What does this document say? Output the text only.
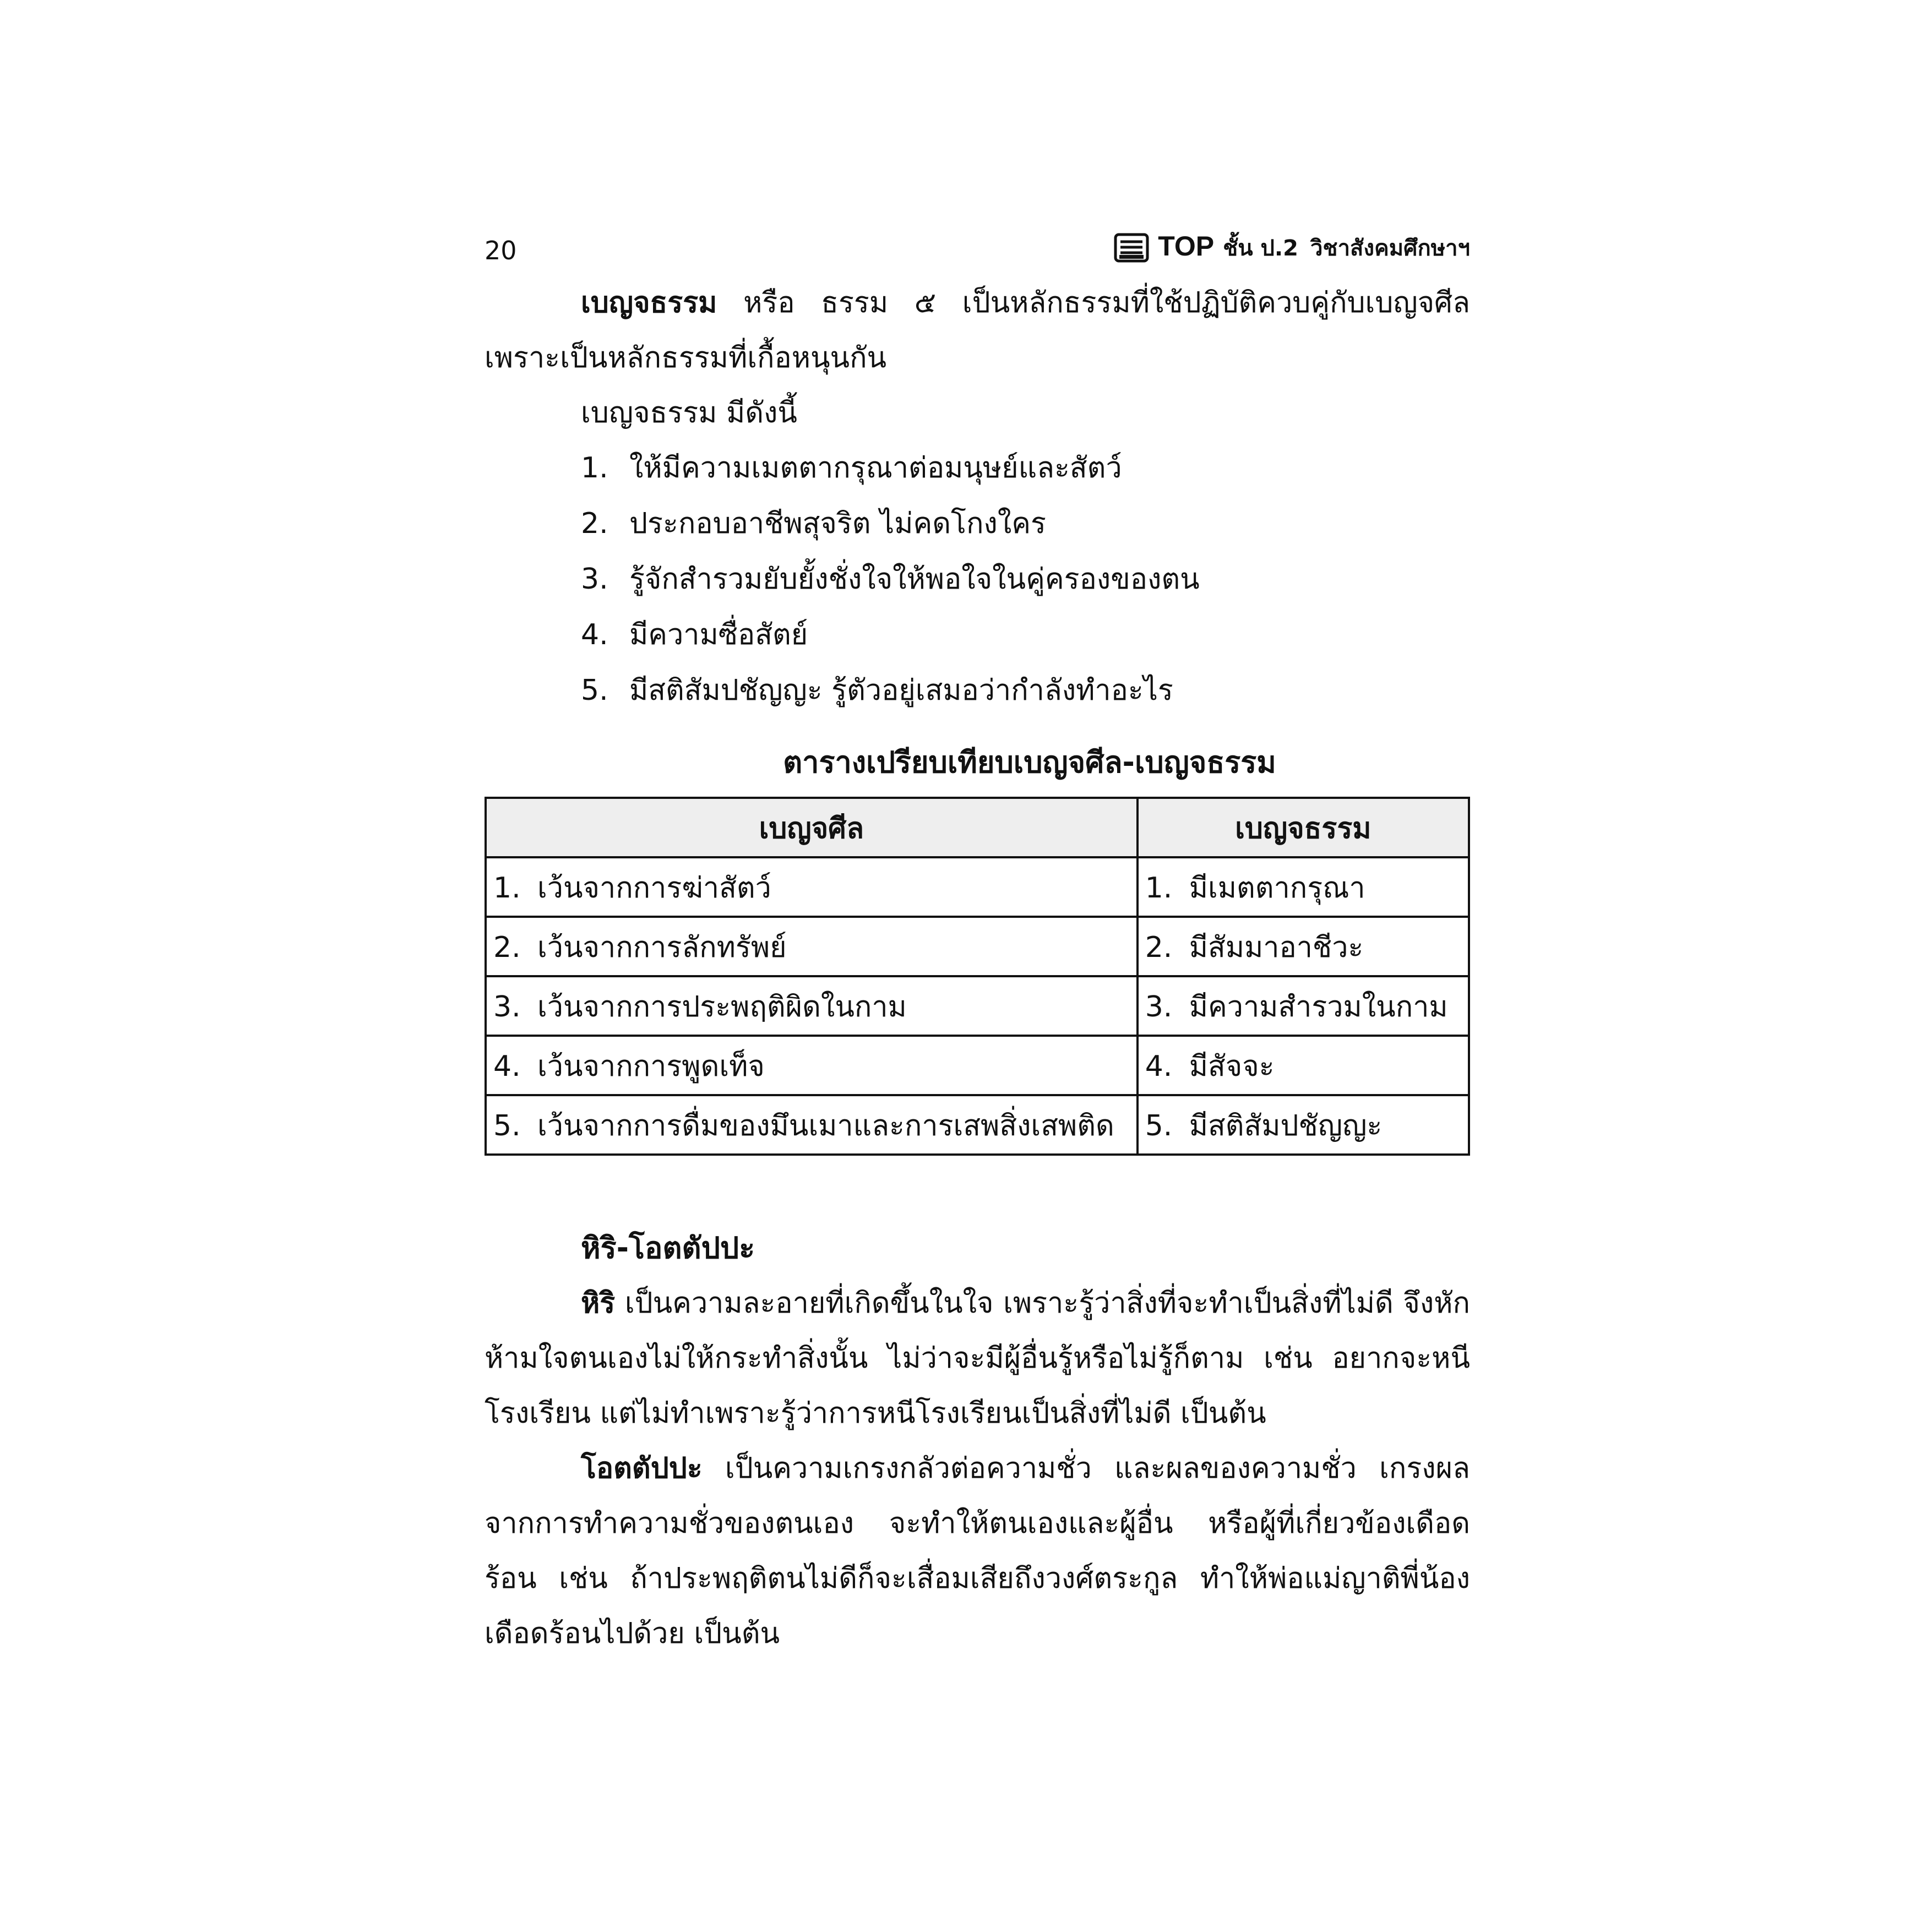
20	TOP ชั้น ป.2 วิชาสังคมศึกษาฯ

เบญจธรรม หรือ ธรรม ๕ เป็นหลักธรรมที่ใช้ปฏิบัติควบคู่กับเบญจศีล เพราะเป็นหลักธรรมที่เกื้อหนุนกัน

เบญจธรรม มีดังนี้

1. ให้มีความเมตตากรุณาต่อมนุษย์และสัตว์
2. ประกอบอาชีพสุจริต ไม่คดโกงใคร
3. รู้จักสำรวมยับยั้งชั่งใจให้พอใจในคู่ครองของตน
4. มีความซื่อสัตย์
5. มีสติสัมปชัญญะ รู้ตัวอยู่เสมอว่ากำลังทำอะไร
ตารางเปรียบเทียบเบญจศีล-เบญจธรรม
เบญจศีล	เบญจธรรม
1. เว้นจากการฆ่าสัตว์	1. มีเมตตากรุณา
2. เว้นจากการลักทรัพย์	2. มีสัมมาอาชีวะ
3. เว้นจากการประพฤติผิดในกาม	3. มีความสำรวมในกาม
4. เว้นจากการพูดเท็จ	4. มีสัจจะ
5. เว้นจากการดื่มของมึนเมาและการเสพสิ่งเสพติด	5. มีสติสัมปชัญญะ
หิริ-โอตตัปปะ

หิริ เป็นความละอายที่เกิดขึ้นในใจ เพราะรู้ว่าสิ่งที่จะทำเป็นสิ่งที่ไม่ดี จึงหักห้ามใจตนเองไม่ให้กระทำสิ่งนั้น ไม่ว่าจะมีผู้อื่นรู้หรือไม่รู้ก็ตาม เช่น อยากจะหนีโรงเรียน แต่ไม่ทำเพราะรู้ว่าการหนีโรงเรียนเป็นสิ่งที่ไม่ดี เป็นต้น

โอตตัปปะ เป็นความเกรงกลัวต่อความชั่ว และผลของความชั่ว เกรงผลจากการทำความชั่วของตนเอง จะทำให้ตนเองและผู้อื่น หรือผู้ที่เกี่ยวข้องเดือดร้อน เช่น ถ้าประพฤติตนไม่ดีก็จะเสื่อมเสียถึงวงศ์ตระกูล ทำให้พ่อแม่ญาติพี่น้องเดือดร้อนไปด้วย เป็นต้น
